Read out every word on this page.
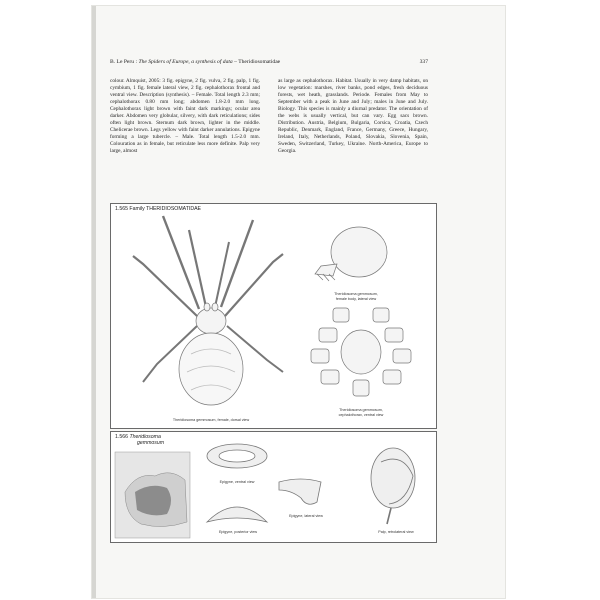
B. Le Peru : The Spiders of Europe, a synthesis of data – Theridiosomatidae	337

colour. Almquist, 2005: 3 fig. epigyne, 2 fig. vulva, 2 fig. palp, 1 fig. cymbium, 1 fig. female lateral view, 2 fig. cephalothorax frontal and ventral view. Description (synthesis). – Female. Total length 2.3 mm; cephalothorax 0.80 mm long; abdomen 1.8-2.0 mm long. Cephalothorax light brown with faint dark markings; ocular area darker. Abdomen very globular, silvery, with dark reticulations; sides often light brown. Sternum dark brown, lighter in the middle. Chelicerae brown. Legs yellow with faint darker annulations. Epigyne forming a large tubercle. – Male. Total length 1.5-2.0 mm. Colouration as in female, but reticulate less more definite. Palp very large, almost

as large as cephalothorax. Habitat. Usually in very damp habitats, on low vegetation: marshes, river banks, pond edges, fresh deciduous forests, wet heath, grasslands. Periode. Females from May to September with a peak in June and July; males in June and July. Biology. This species is mainly a diurnal predator. The orientation of the webs is usually vertical, but can vary. Egg sacs brown. Distribution. Austria, Belgium, Bulgaria, Corsica, Croatia, Czech Republic, Denmark, England, France, Germany, Greece, Hungary, Ireland, Italy, Netherlands, Poland, Slovakia, Slovenia, Spain, Sweden, Switzerland, Turkey, Ukraine. North-America, Europe to Georgia.

1.565 Family THERIDIOSOMATIDAE
Theridiosoma gemmosum, female, dorsal view
Theridiosoma gemmosum,
female body, lateral view
Theridiosoma gemmosum,
cephalothorax, ventral view
1.566 Theridiosoma
gemmosum
Epigyne, ventral view
Epigyne, posterior view
Epigyne, lateral view
Palp, retrolateral view
